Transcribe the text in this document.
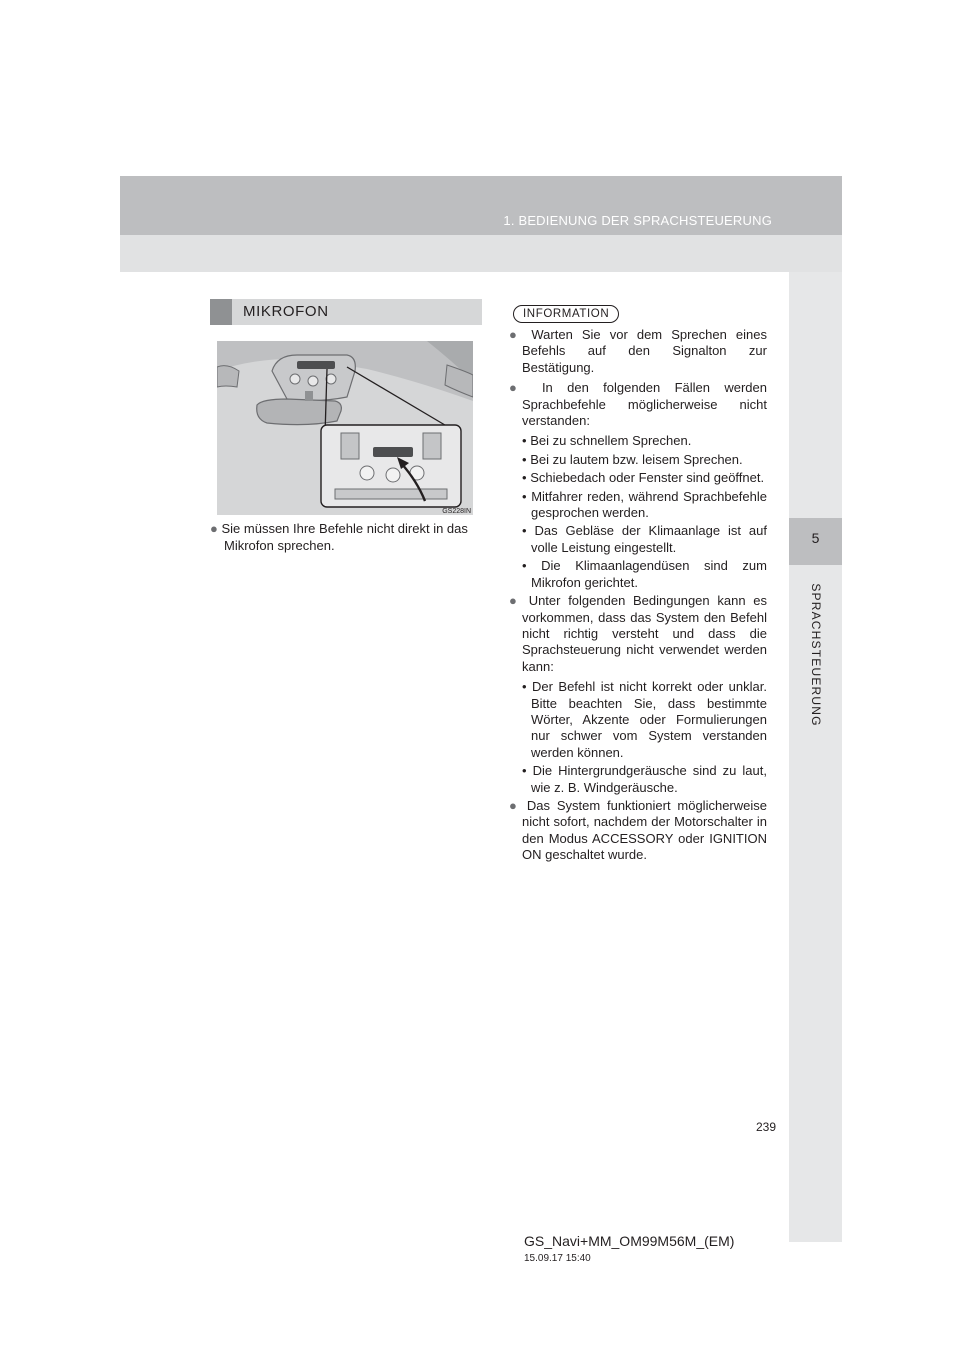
1. BEDIENUNG DER SPRACHSTEUERUNG
5
SPRACHSTEUERUNG
MIKROFON
GS228IN
● Sie müssen Ihre Befehle nicht direkt in das Mikrofon sprechen.
INFORMATION
● Warten Sie vor dem Sprechen eines Befehls auf den Signalton zur Bestätigung.
● In den folgenden Fällen werden Sprachbefehle möglicherweise nicht verstanden:
• Bei zu schnellem Sprechen.
• Bei zu lautem bzw. leisem Sprechen.
• Schiebedach oder Fenster sind geöffnet.
• Mitfahrer reden, während Sprachbefehle gesprochen werden.
• Das Gebläse der Klimaanlage ist auf volle Leistung eingestellt.
• Die Klimaanlagendüsen sind zum Mikrofon gerichtet.
● Unter folgenden Bedingungen kann es vorkommen, dass das System den Befehl nicht richtig versteht und dass die Sprachsteuerung nicht verwendet werden kann:
• Der Befehl ist nicht korrekt oder unklar. Bitte beachten Sie, dass bestimmte Wörter, Akzente oder Formulierungen nur schwer vom System verstanden werden können.
• Die Hintergrundgeräusche sind zu laut, wie z. B. Windgeräusche.
● Das System funktioniert möglicherweise nicht sofort, nachdem der Motorschalter in den Modus ACCESSORY oder IGNITION ON geschaltet wurde.
239
GS_Navi+MM_OM99M56M_(EM)
15.09.17 15:40
